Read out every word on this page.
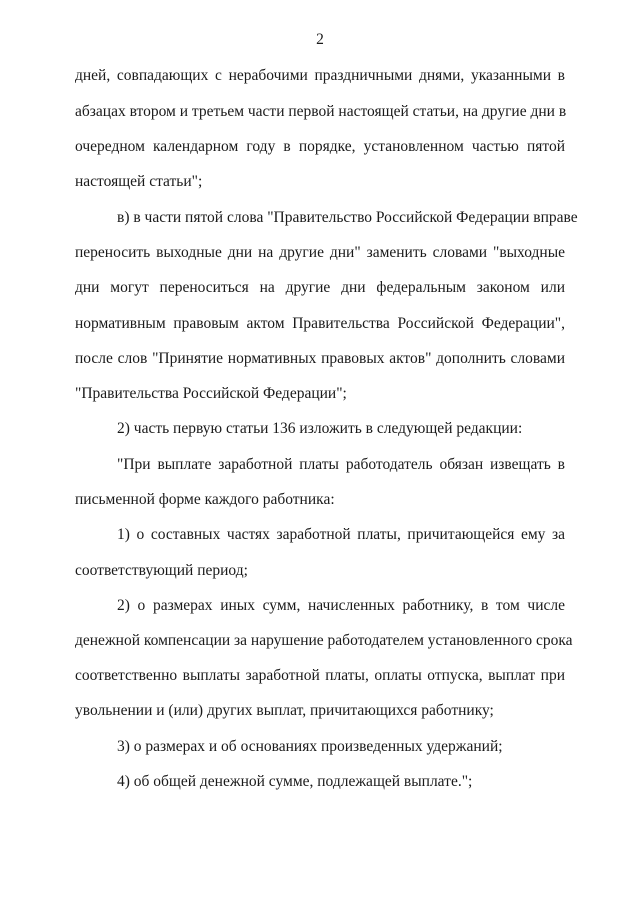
2
дней, совпадающих с нерабочими праздничными днями, указанными в
абзацах втором и третьем части первой настоящей статьи, на другие дни в
очередном календарном году в порядке, установленном частью пятой
настоящей статьи";
в) в части пятой слова "Правительство Российской Федерации вправе
переносить выходные дни на другие дни" заменить словами "выходные
дни могут переноситься на другие дни федеральным законом или
нормативным правовым актом Правительства Российской Федерации",
после слов "Принятие нормативных правовых актов" дополнить словами
"Правительства Российской Федерации";
2) часть первую статьи 136 изложить в следующей редакции:
"При выплате заработной платы работодатель обязан извещать в
письменной форме каждого работника:
1) о составных частях заработной платы, причитающейся ему за
соответствующий период;
2) о размерах иных сумм, начисленных работнику, в том числе
денежной компенсации за нарушение работодателем установленного срока
соответственно выплаты заработной платы, оплаты отпуска, выплат при
увольнении и (или) других выплат, причитающихся работнику;
3) о размерах и об основаниях произведенных удержаний;
4) об общей денежной сумме, подлежащей выплате.";
